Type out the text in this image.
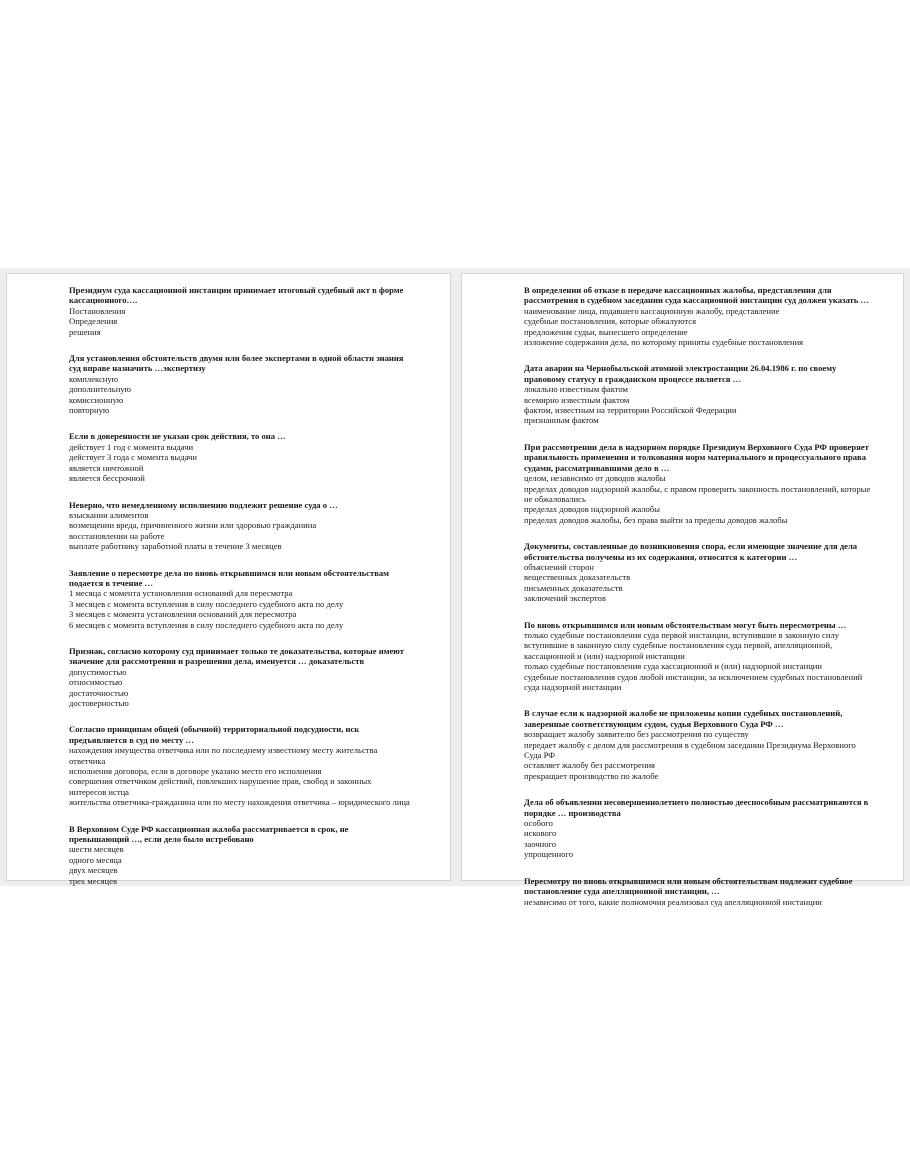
Президиум суда кассационной инстанции принимает итоговый судебный акт в форме кассационного….

Постановления

Определения

решения

Для установления обстоятельств двумя или более экспертами в одной области знания суд вправе назначить …экспертизу

комплексную

дополнительную

комиссионную

повторную

Если в доверенности не указан срок действия, то она …

действует 1 год с момента выдачи

действует 3 года с момента выдачи

является ничтожной

является бессрочной

Неверно, что немедленному исполнению подлежит решение суда о …

взыскании алиментов

возмещении вреда, причиненного жизни или здоровью гражданина

восстановлении на работе

выплате работнику заработной платы в течение 3 месяцев

Заявление о пересмотре дела по вновь открывшимся или новым обстоятельствам подается в течение …

1 месяца с момента установления оснований для пересмотра

3 месяцев с момента вступления в силу последнего судебного акта по делу

3 месяцев с момента установления оснований для пересмотра

6 месяцев с момента вступления в силу последнего судебного акта по делу

Признак, согласно которому суд принимает только те доказательства, которые имеют значение для рассмотрения и разрешения дела, именуется … доказательств

допустимостью

относимостью

достаточностью

достоверностью

Согласно принципам общей (обычной) территориальной подсудности, иск предъявляется в суд по месту …

нахождения имущества ответчика или по последнему известному месту жительства ответчика

исполнения договора, если в договоре указано место его исполнения

совершения ответчиком действий, повлекших нарушение прав, свобод и законных интересов истца

жительства ответчика-гражданина или по месту нахождения ответчика – юридического лица

В Верховном Суде РФ кассационная жалоба рассматривается в срок, не превышающий …, если дело было истребовано

шести месяцев

одного месяца

двух месяцев

трех месяцев

В определении об отказе в передаче кассационных жалобы, представления для рассмотрения в судебном заседании суда кассационной инстанции суд должен указать …

наименование лица, подавшего кассационную жалобу, представление

судебные постановления, которые обжалуются

предложения судьи, вынесшего определение

изложение содержания дела, по которому приняты судебные постановления

Дата аварии на Чернобыльской атомной электростанции 26.04.1986 г. по своему правовому статусу в гражданском процессе является …

локально известным фактом

всемирно известным фактом

фактом, известным на территории Российской Федерации

признанным фактом

При рассмотрении дела в надзорном порядке Президиум Верховного Суда РФ проверяет правильность применения и толкования норм материального и процессуального права судами, рассматривавшими дело в …

целом, независимо от доводов жалобы

пределах доводов надзорной жалобы, с правом проверить законность постановлений, которые не обжаловались

пределах доводов надзорной жалобы

пределах доводов жалобы, без права выйти за пределы доводов жалобы

Документы, составленные до возникновения спора, если имеющие значение для дела обстоятельства получены из их содержания, относятся к категории …

объяснений сторон

вещественных доказательств

письменных доказательств

заключений экспертов

По вновь открывшимся или новым обстоятельствам могут быть пересмотрены …

только судебные постановления суда первой инстанции, вступившие в законную силу

вступившие в законную силу судебные постановления суда первой, апелляционной, кассационной и (или) надзорной инстанции

только судебные постановления суда кассационной и (или) надзорной инстанции

судебные постановления судов любой инстанции, за исключением судебных постановлений суда надзорной инстанции

В случае если к надзорной жалобе не приложены копии судебных постановлений, заверенные соответствующим судом, судья Верховного Суда РФ …

возвращает жалобу заявителю без рассмотрения по существу

передает жалобу с делом для рассмотрения в судебном заседании Президиума Верховного Суда РФ

оставляет жалобу без рассмотрения

прекращает производство по жалобе

Дела об объявлении несовершеннолетнего полностью дееспособным рассматриваются в порядке … производства

особого

искового

заочного

упрощенного

Пересмотру по вновь открывшимся или новым обстоятельствам подлежит судебное постановление суда апелляционной инстанции, …

независимо от того, какие полномочия реализовал суд апелляционной инстанции
